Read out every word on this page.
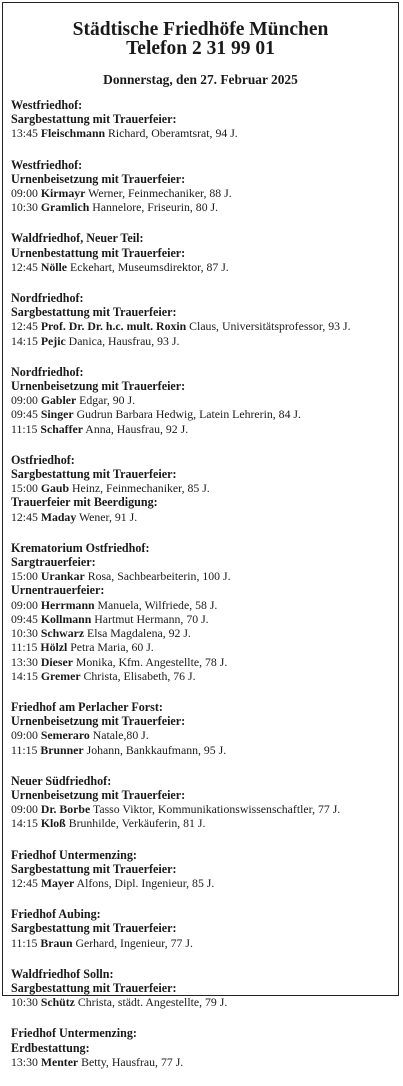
Städtische Friedhöfe München
Telefon 2 31 99 01
Donnerstag, den 27. Februar 2025
Westfriedhof:
Sargbestattung mit Trauerfeier:
13:45 Fleischmann Richard, Oberamtsrat, 94 J.
Westfriedhof:
Urnenbeisetzung mit Trauerfeier:
09:00 Kirmayr Werner, Feinmechaniker, 88 J.
10:30 Gramlich Hannelore, Friseurin, 80 J.
Waldfriedhof, Neuer Teil:
Urnenbestattung mit Trauerfeier:
12:45 Nölle Eckehart, Museumsdirektor, 87 J.
Nordfriedhof:
Sargbestattung mit Trauerfeier:
12:45 Prof. Dr. Dr. h.c. mult. Roxin Claus, Universitätsprofessor, 93 J.
14:15 Pejic Danica, Hausfrau, 93 J.
Nordfriedhof:
Urnenbeisetzung mit Trauerfeier:
09:00 Gabler Edgar, 90 J.
09:45 Singer Gudrun Barbara Hedwig, Latein Lehrerin, 84 J.
11:15 Schaffer Anna, Hausfrau, 92 J.
Ostfriedhof:
Sargbestattung mit Trauerfeier:
15:00 Gaub Heinz, Feinmechaniker, 85 J.
Trauerfeier mit Beerdigung:
12:45 Maday Wener, 91 J.
Krematorium Ostfriedhof:
Sargtrauerfeier:
15:00 Urankar Rosa, Sachbearbeiterin, 100 J.
Urnentrauerfeier:
09:00 Herrmann Manuela, Wilfriede, 58 J.
09:45 Kollmann Hartmut Hermann, 70 J.
10:30 Schwarz Elsa Magdalena, 92 J.
11:15 Hölzl Petra Maria, 60 J.
13:30 Dieser Monika, Kfm. Angestellte, 78 J.
14:15 Gremer Christa, Elisabeth, 76 J.
Friedhof am Perlacher Forst:
Urnenbeisetzung mit Trauerfeier:
09:00 Semeraro Natale,80 J.
11:15 Brunner Johann, Bankkaufmann, 95 J.
Neuer Südfriedhof:
Urnenbeisetzung mit Trauerfeier:
09:00 Dr. Borbe Tasso Viktor, Kommunikationswissenschaftler, 77 J.
14:15 Kloß Brunhilde, Verkäuferin, 81 J.
Friedhof Untermenzing:
Sargbestattung mit Trauerfeier:
12:45 Mayer Alfons, Dipl. Ingenieur, 85 J.
Friedhof Aubing:
Sargbestattung mit Trauerfeier:
11:15 Braun Gerhard, Ingenieur, 77 J.
Waldfriedhof Solln:
Sargbestattung mit Trauerfeier:
10:30 Schütz Christa, städt. Angestellte, 79 J.
Friedhof Untermenzing:
Erdbestattung:
13:30 Menter Betty, Hausfrau, 77 J.
